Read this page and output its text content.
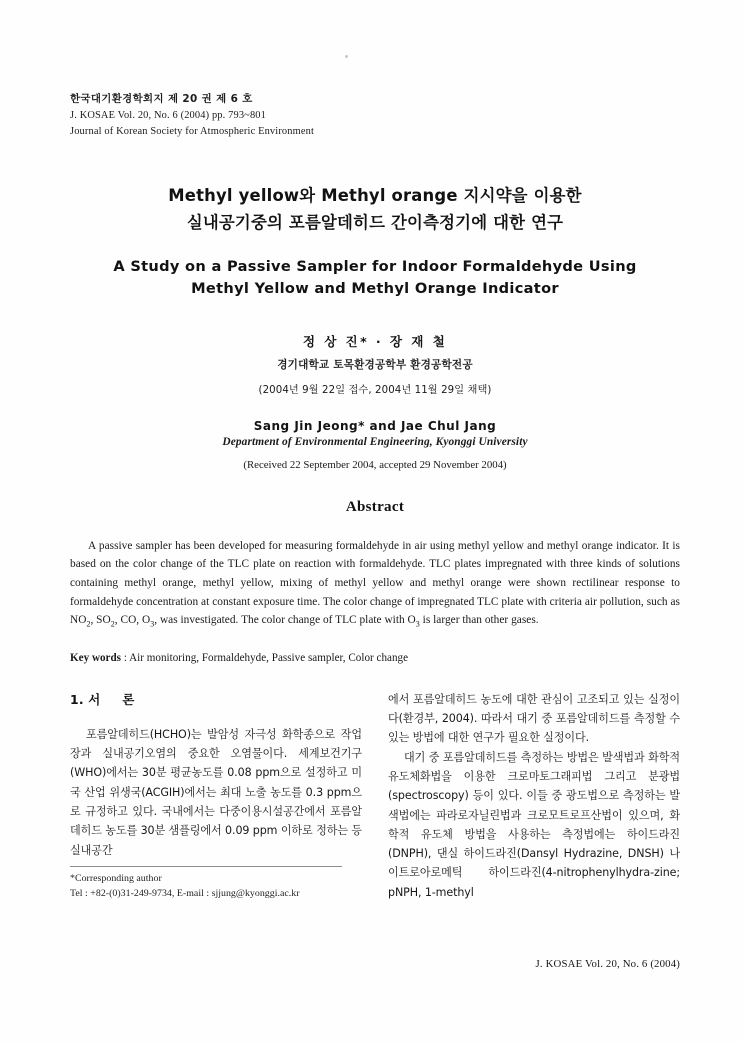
한국대기환경학회지 제 20 권 제 6 호
J. KOSAE Vol. 20, No. 6 (2004) pp. 793~801
Journal of Korean Society for Atmospheric Environment
Methyl yellow와 Methyl orange 지시약을 이용한
실내공기중의 포름알데히드 간이측정기에 대한 연구
A Study on a Passive Sampler for Indoor Formaldehyde Using
Methyl Yellow and Methyl Orange Indicator
정 상 진* · 장 재 철
경기대학교 토목환경공학부 환경공학전공
(2004년 9월 22일 접수, 2004년 11월 29일 채택)
Sang Jin Jeong* and Jae Chul Jang
Department of Environmental Engineering, Kyonggi University
(Received 22 September 2004, accepted 29 November 2004)
Abstract
A passive sampler has been developed for measuring formaldehyde in air using methyl yellow and methyl orange indicator. It is based on the color change of the TLC plate on reaction with formaldehyde. TLC plates impregnated with three kinds of solutions containing methyl orange, methyl yellow, mixing of methyl yellow and methyl orange were shown rectilinear response to formaldehyde concentration at constant exposure time. The color change of impregnated TLC plate with criteria air pollution, such as $NO_2$, $SO_2$, CO, $O_3$, was investigated. The color change of TLC plate with $O_3$ is larger than other gases.
Key words : Air monitoring, Formaldehyde, Passive sampler, Color change
1. 서 론
포름알데히드(HCHO)는 발암성 자극성 화학종으로 작업장과 실내공기오염의 중요한 오염물이다. 세계보건기구(WHO)에서는 30분 평균농도를 0.08 ppm으로 설정하고 미국 산업 위생국(ACGIH)에서는 최대 노출 농도를 0.3 ppm으로 규정하고 있다. 국내에서는 다중이용시설공간에서 포름알데히드 농도를 30분 샘플링에서 0.09 ppm 이하로 정하는 등 실내공간
*Corresponding author
Tel : +82-(0)31-249-9734, E-mail : sjjung@kyonggi.ac.kr
에서 포름알데히드 농도에 대한 관심이 고조되고 있는 실정이다(환경부, 2004). 따라서 대기 중 포름알데히드를 측정할 수 있는 방법에 대한 연구가 필요한 실정이다.
대기 중 포름알데히드를 측정하는 방법은 발색법과 화학적 유도체화법을 이용한 크로마토그래피법 그리고 분광법(spectroscopy) 등이 있다. 이들 중 광도법으로 측정하는 발색법에는 파라로자닐린법과 크로모트로프산법이 있으며, 화학적 유도체 방법을 사용하는 측정법에는 하이드라진(DNPH), 댄실 하이드라진(Dansyl Hydrazine, DNSH) 나이트로아로메틱 하이드라진(4-nitrophenylhydra-zine; pNPH, 1-methyl
J. KOSAE Vol. 20, No. 6 (2004)
